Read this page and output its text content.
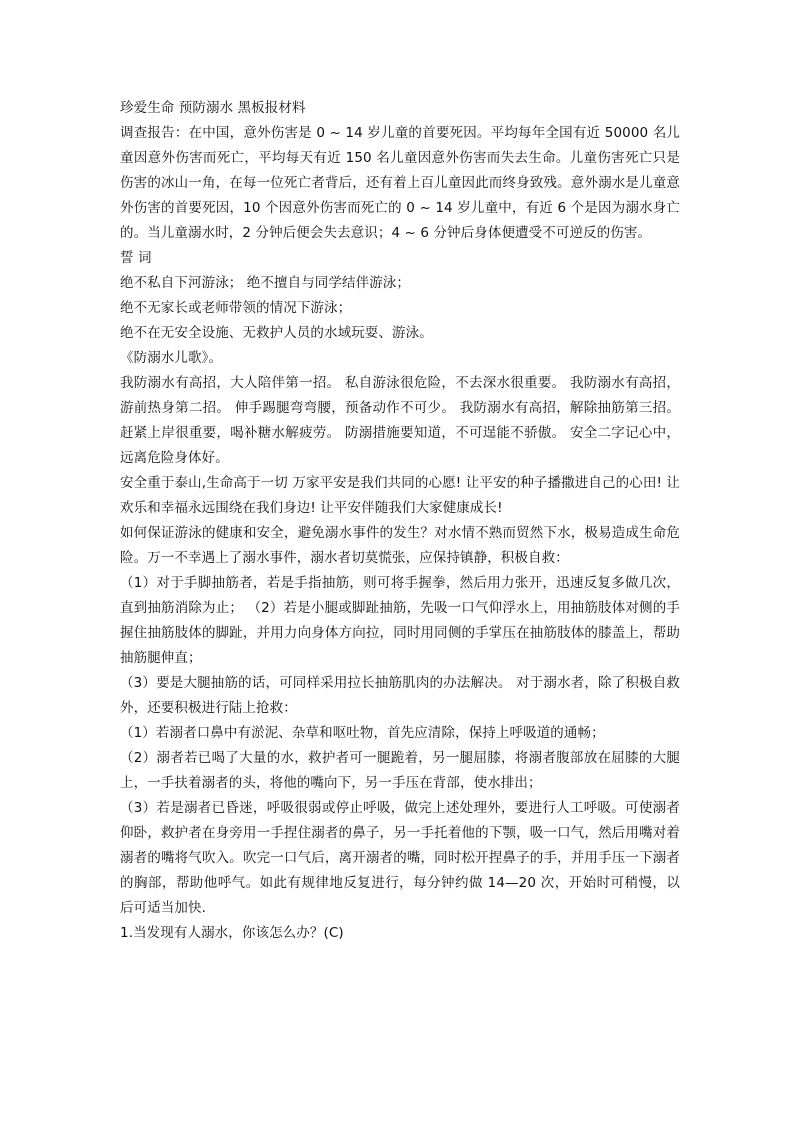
珍爱生命 预防溺水 黑板报材料

调查报告：在中国，意外伤害是 0 ~ 14 岁儿童的首要死因。平均每年全国有近 50000 名儿童因意外伤害而死亡，平均每天有近 150 名儿童因意外伤害而失去生命。儿童伤害死亡只是伤害的冰山一角，在每一位死亡者背后，还有着上百儿童因此而终身致残。意外溺水是儿童意外伤害的首要死因，10 个因意外伤害而死亡的 0 ~ 14 岁儿童中，有近 6 个是因为溺水身亡的。当儿童溺水时，2 分钟后便会失去意识；4 ~ 6 分钟后身体便遭受不可逆反的伤害。

誓 词

绝不私自下河游泳； 绝不擅自与同学结伴游泳；

绝不无家长或老师带领的情况下游泳；

绝不在无安全设施、无救护人员的水域玩耍、游泳。

《防溺水儿歌》。

我防溺水有高招，大人陪伴第一招。 私自游泳很危险，不去深水很重要。 我防溺水有高招，游前热身第二招。 伸手踢腿弯弯腰，预备动作不可少。 我防溺水有高招，解除抽筋第三招。 赶紧上岸很重要，喝补糖水解疲劳。 防溺措施要知道，不可逞能不骄傲。 安全二字记心中，远离危险身体好。

安全重于泰山,生命高于一切 万家平安是我们共同的心愿! 让平安的种子播撒进自己的心田! 让欢乐和幸福永远围绕在我们身边! 让平安伴随我们大家健康成长!

如何保证游泳的健康和安全，避免溺水事件的发生？对水情不熟而贸然下水，极易造成生命危险。万一不幸遇上了溺水事件，溺水者切莫慌张，应保持镇静，积极自救：

（1）对于手脚抽筋者，若是手指抽筋，则可将手握拳，然后用力张开，迅速反复多做几次，直到抽筋消除为止； （2）若是小腿或脚趾抽筋，先吸一口气仰浮水上，用抽筋肢体对侧的手握住抽筋肢体的脚趾，并用力向身体方向拉，同时用同侧的手掌压在抽筋肢体的膝盖上，帮助抽筋腿伸直；

（3）要是大腿抽筋的话，可同样采用拉长抽筋肌肉的办法解决。 对于溺水者，除了积极自救外，还要积极进行陆上抢救：

（1）若溺者口鼻中有淤泥、杂草和呕吐物，首先应清除，保持上呼吸道的通畅；

（2）溺者若已喝了大量的水，救护者可一腿跪着，另一腿屈膝，将溺者腹部放在屈膝的大腿上，一手扶着溺者的头，将他的嘴向下，另一手压在背部，使水排出；

（3）若是溺者已昏迷，呼吸很弱或停止呼吸，做完上述处理外，要进行人工呼吸。可使溺者仰卧，救护者在身旁用一手捏住溺者的鼻子，另一手托着他的下颚，吸一口气，然后用嘴对着溺者的嘴将气吹入。吹完一口气后，离开溺者的嘴，同时松开捏鼻子的手，并用手压一下溺者的胸部，帮助他呼气。如此有规律地反复进行，每分钟约做 14—20 次，开始时可稍慢，以后可适当加快.

1.当发现有人溺水，你该怎么办？(C)
